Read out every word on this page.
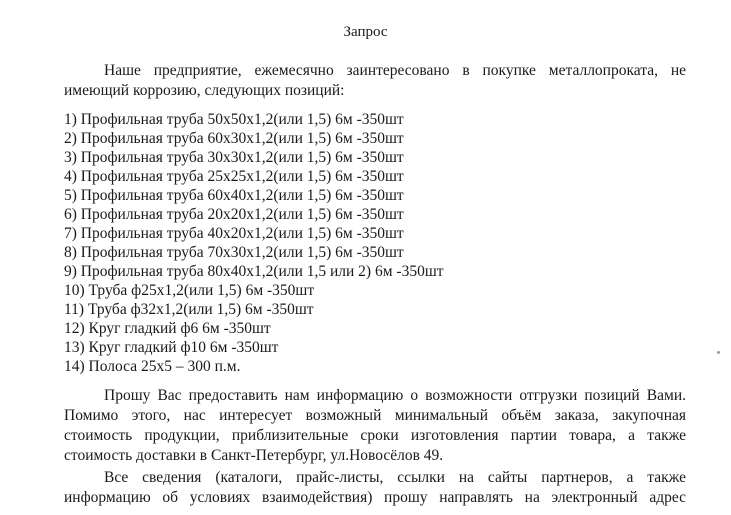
Запрос

Наше предприятие, ежемесячно заинтересовано в покупке металлопроката, не
имеющий коррозию, следующих позиций:

1) Профильная труба 50х50х1,2(или 1,5) 6м -350шт
2) Профильная труба 60х30х1,2(или 1,5) 6м -350шт
3) Профильная труба 30х30х1,2(или 1,5) 6м -350шт
4) Профильная труба 25х25х1,2(или 1,5) 6м -350шт
5) Профильная труба 60х40х1,2(или 1,5) 6м -350шт
6) Профильная труба 20х20х1,2(или 1,5) 6м -350шт
7) Профильная труба 40х20х1,2(или 1,5) 6м -350шт
8) Профильная труба 70х30х1,2(или 1,5) 6м -350шт
9) Профильная труба 80х40х1,2(или 1,5 или 2) 6м -350шт
10) Труба ф25х1,2(или 1,5) 6м -350шт
11) Труба ф32х1,2(или 1,5) 6м -350шт
12) Круг гладкий ф6 6м -350шт
13) Круг гладкий ф10 6м -350шт
14) Полоса 25х5 – 300 п.м.

Прошу Вас предоставить нам информацию о возможности отгрузки позиций Вами.
Помимо этого, нас интересует возможный минимальный объём заказа, закупочная
стоимость продукции, приблизительные сроки изготовления партии товара, а также
стоимость доставки в Санкт-Петербург, ул.Новосёлов 49.

Все сведения (каталоги, прайс-листы, ссылки на сайты партнеров, а также
информацию об условиях взаимодействия) прошу направлять на электронный адрес
